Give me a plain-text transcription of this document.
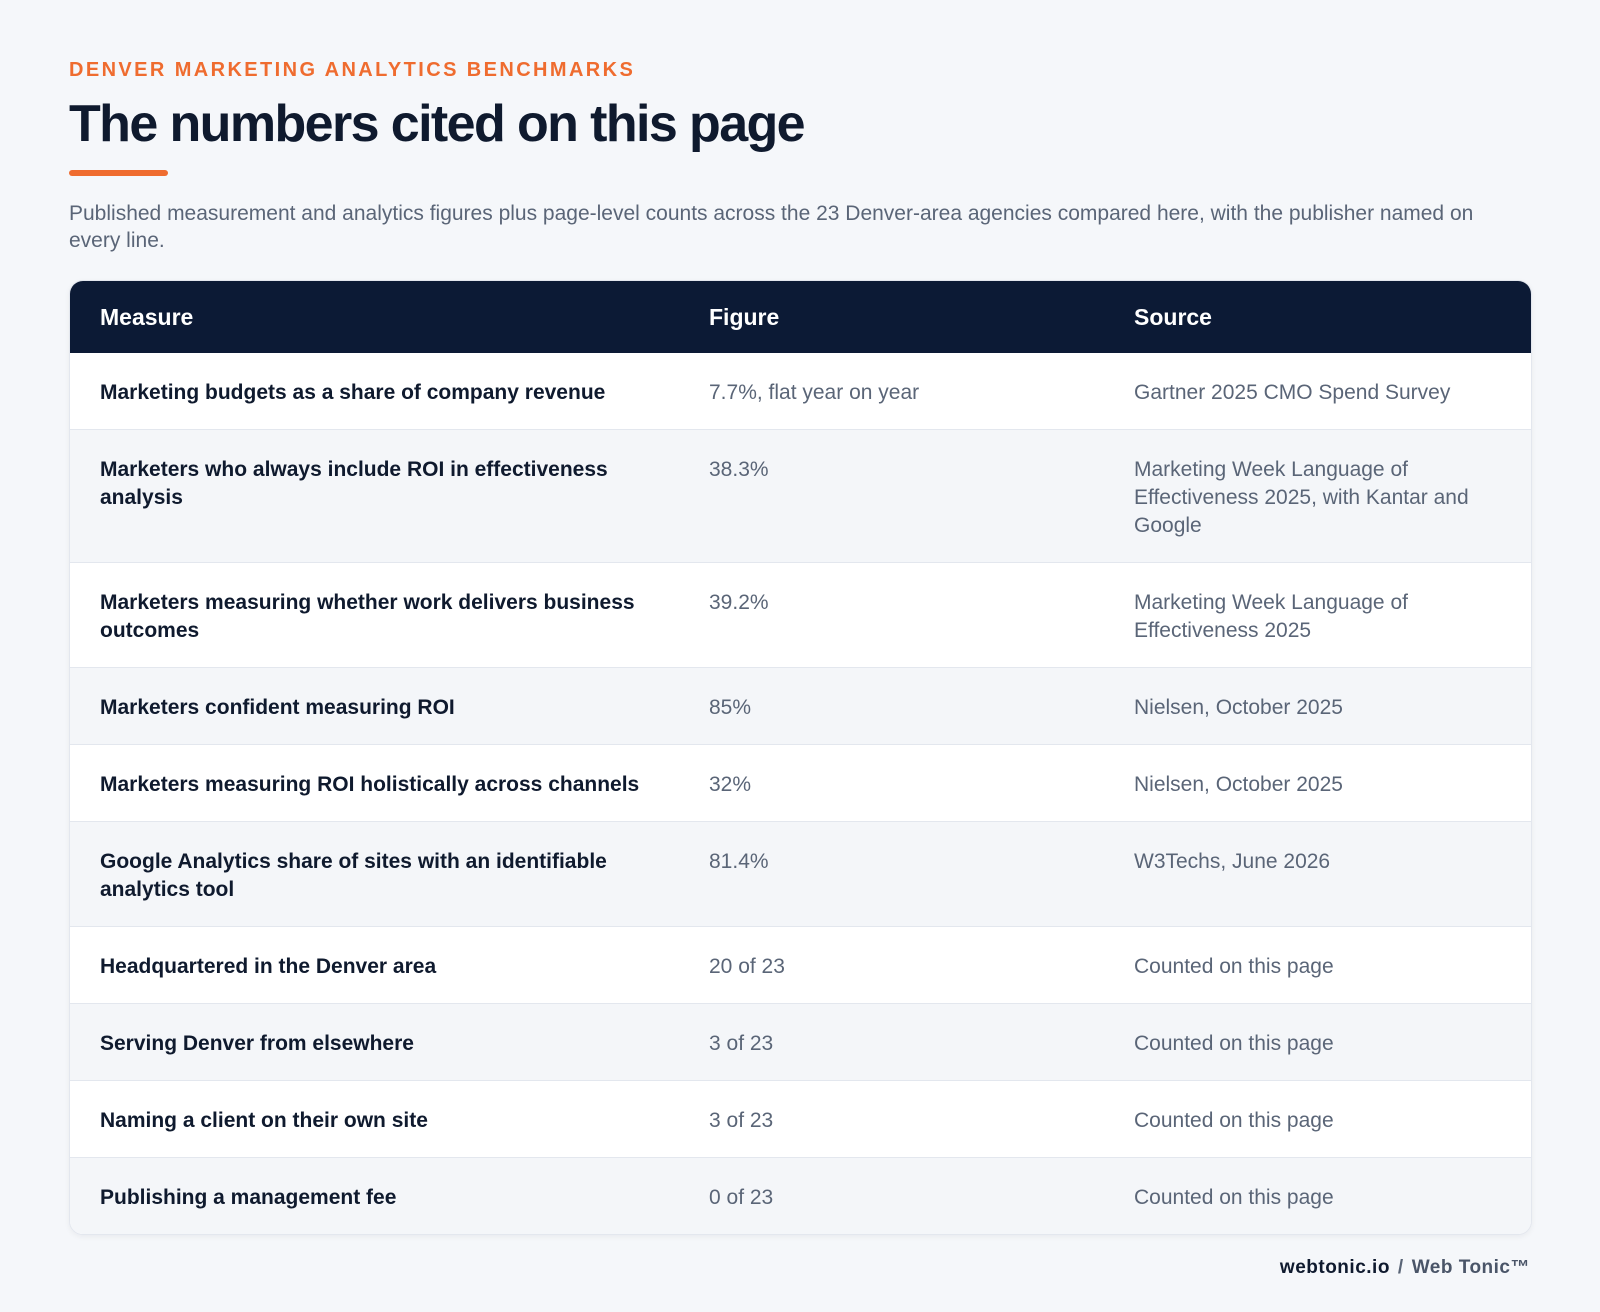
DENVER MARKETING ANALYTICS BENCHMARKS

The numbers cited on this page

Published measurement and analytics figures plus page-level counts across the 23 Denver-area agencies compared here, with the publisher named on every line.

Measure	Figure	Source
Marketing budgets as a share of company revenue	7.7%, flat year on year	Gartner 2025 CMO Spend Survey
Marketers who always include ROI in effectiveness analysis	38.3%	Marketing Week Language of Effectiveness 2025, with Kantar and Google
Marketers measuring whether work delivers business outcomes	39.2%	Marketing Week Language of Effectiveness 2025
Marketers confident measuring ROI	85%	Nielsen, October 2025
Marketers measuring ROI holistically across channels	32%	Nielsen, October 2025
Google Analytics share of sites with an identifiable analytics tool	81.4%	W3Techs, June 2026
Headquartered in the Denver area	20 of 23	Counted on this page
Serving Denver from elsewhere	3 of 23	Counted on this page
Naming a client on their own site	3 of 23	Counted on this page
Publishing a management fee	0 of 23	Counted on this page
webtonic.io / Web Tonic™
